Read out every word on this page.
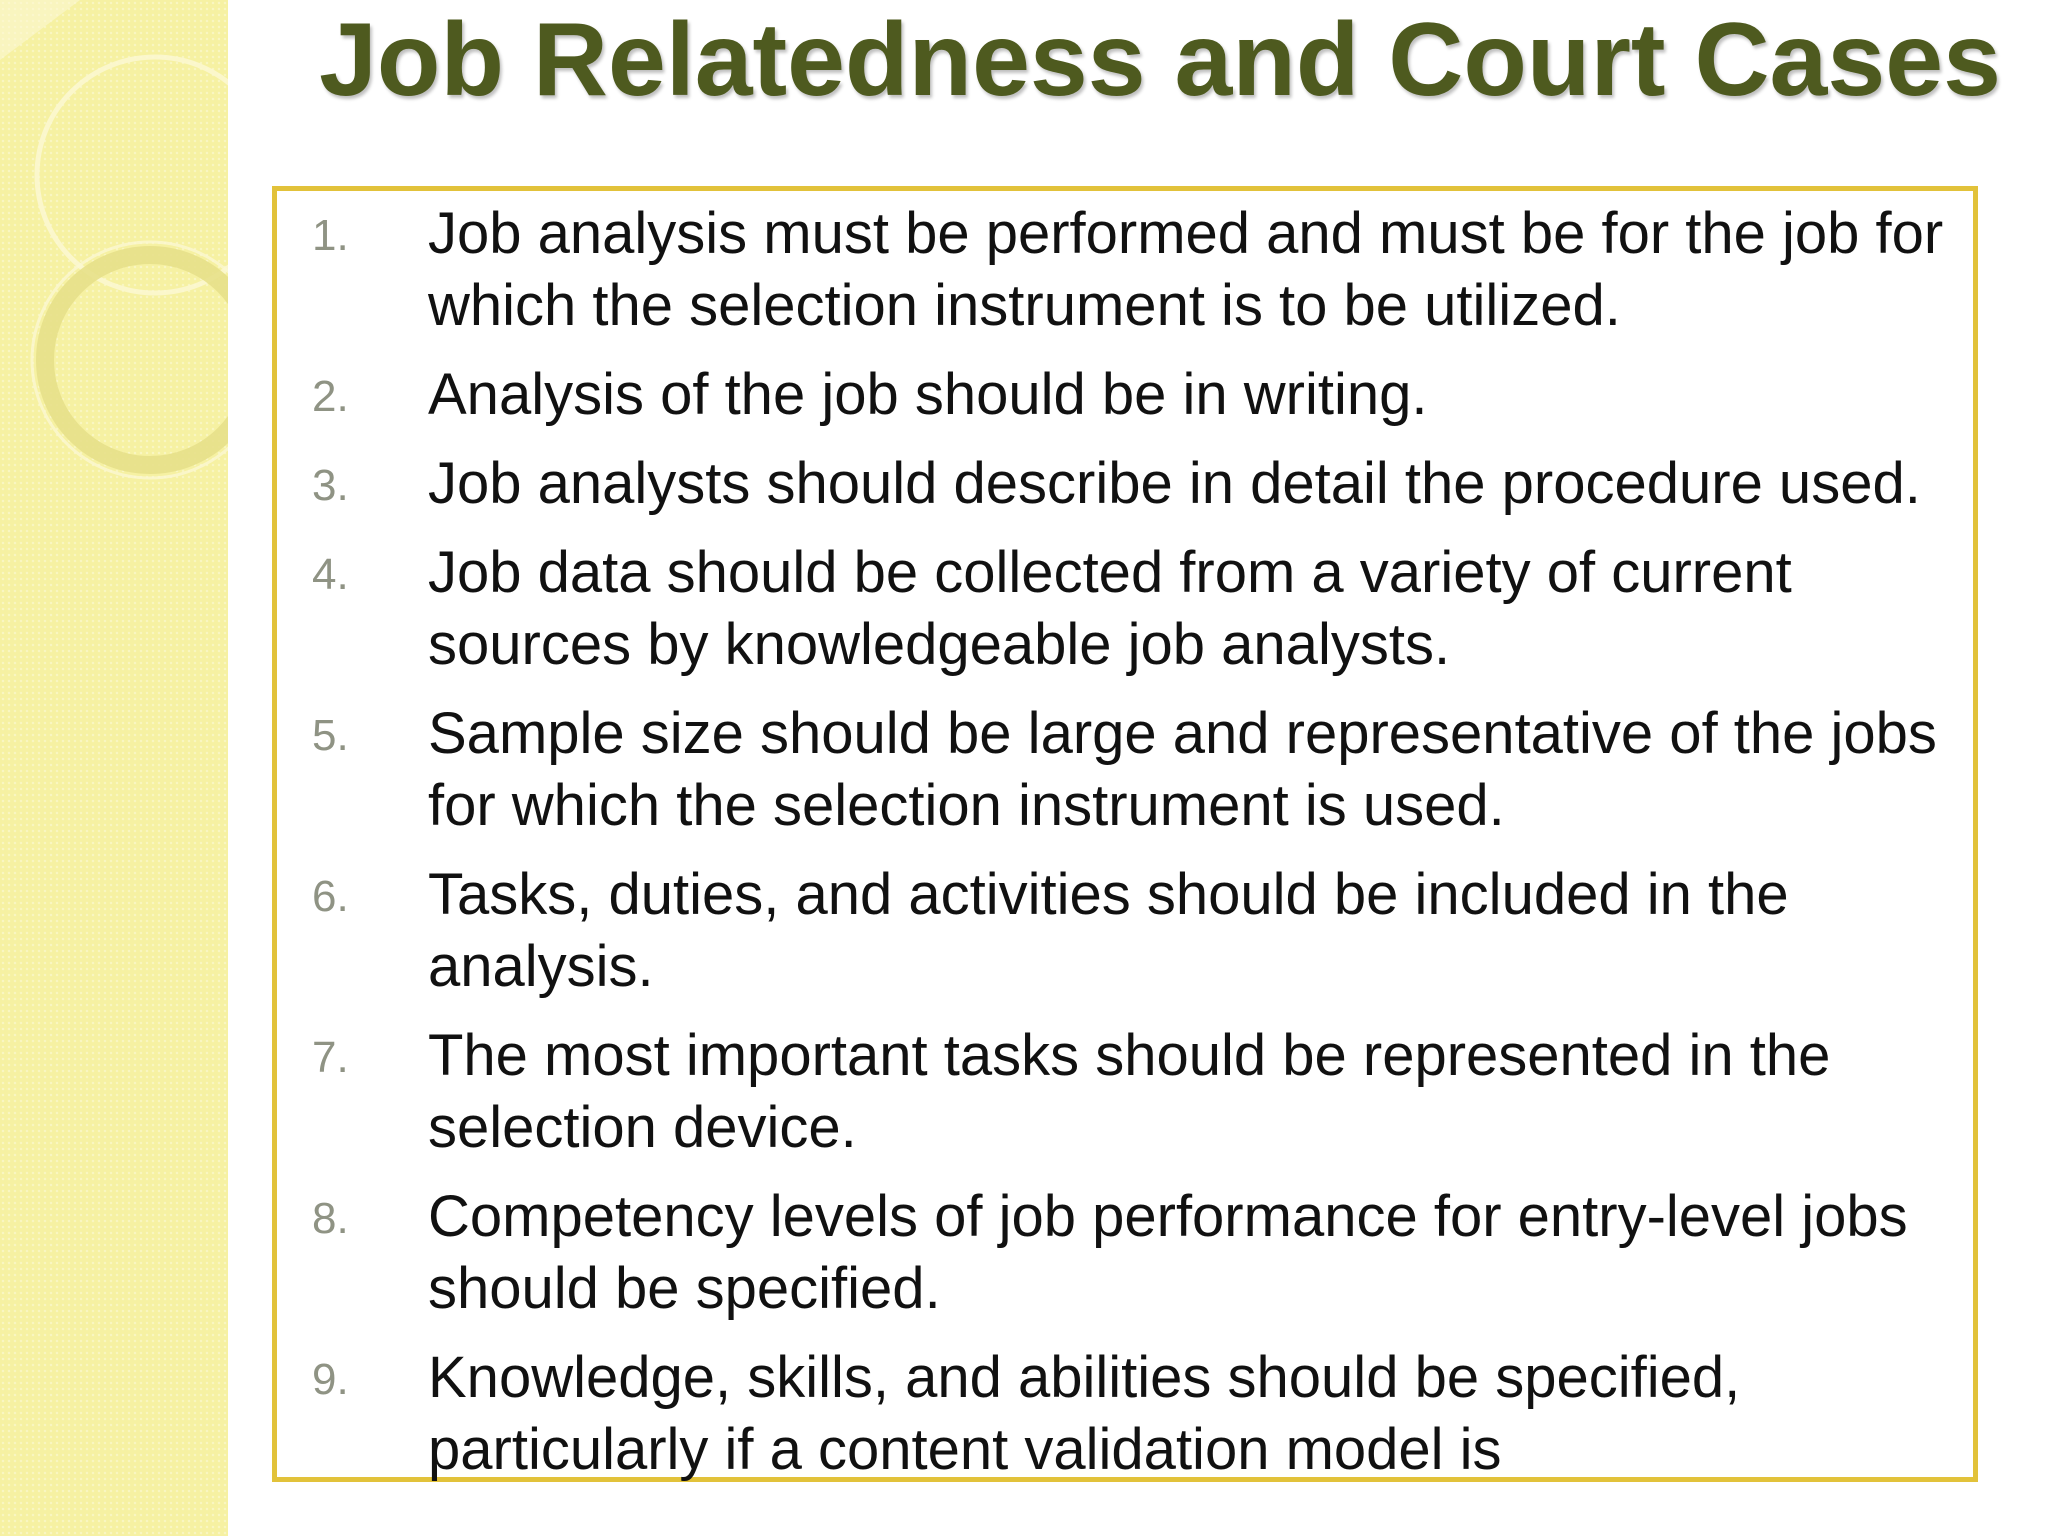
Job Relatedness and Court Cases
1. Job analysis must be performed and must be for the job for which the selection instrument is to be utilized.
2. Analysis of the job should be in writing.
3. Job analysts should describe in detail the procedure used.
4. Job data should be collected from a variety of current sources by knowledgeable job analysts.
5. Sample size should be large and representative of the jobs for which the selection instrument is used.
6. Tasks, duties, and activities should be included in the analysis.
7. The most important tasks should be represented in the selection device.
8. Competency levels of job performance for entry-level jobs should be specified.
9. Knowledge, skills, and abilities should be specified, particularly if a content validation model is
